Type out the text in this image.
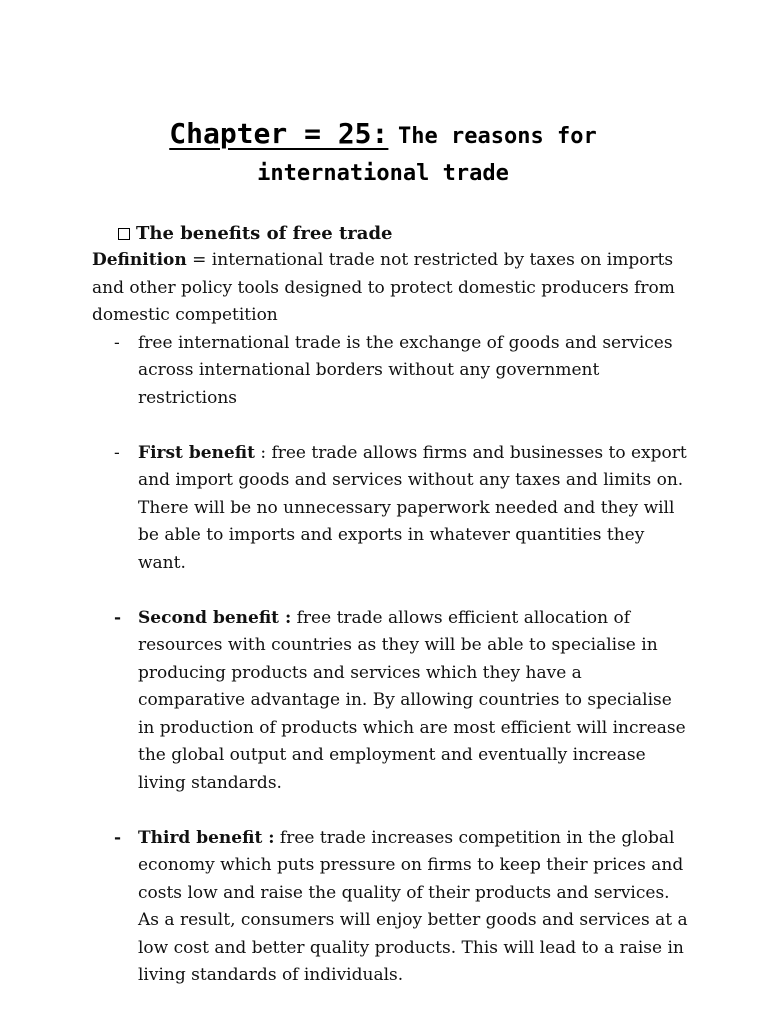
Chapter = 25: The reasons for
international trade
The benefits of free trade

Definition = international trade not restricted by taxes on imports and other policy tools designed to protect domestic producers from domestic competition

- free international trade is the exchange of goods and services across international borders without any government restrictions
- First benefit : free trade allows firms and businesses to export and import goods and services without any taxes and limits on. There will be no unnecessary paperwork needed and they will be able to imports and exports in whatever quantities they want.
- Second benefit : free trade allows efficient allocation of resources with countries as they will be able to specialise in producing products and services which they have a comparative advantage in. By allowing countries to specialise in production of products which are most efficient will increase the global output and employment and eventually increase living standards.
- Third benefit : free trade increases competition in the global economy which puts pressure on firms to keep their prices and costs low and raise the quality of their products and services. As a result, consumers will enjoy better goods and services at a low cost and better quality products. This will lead to a raise in living standards of individuals.
